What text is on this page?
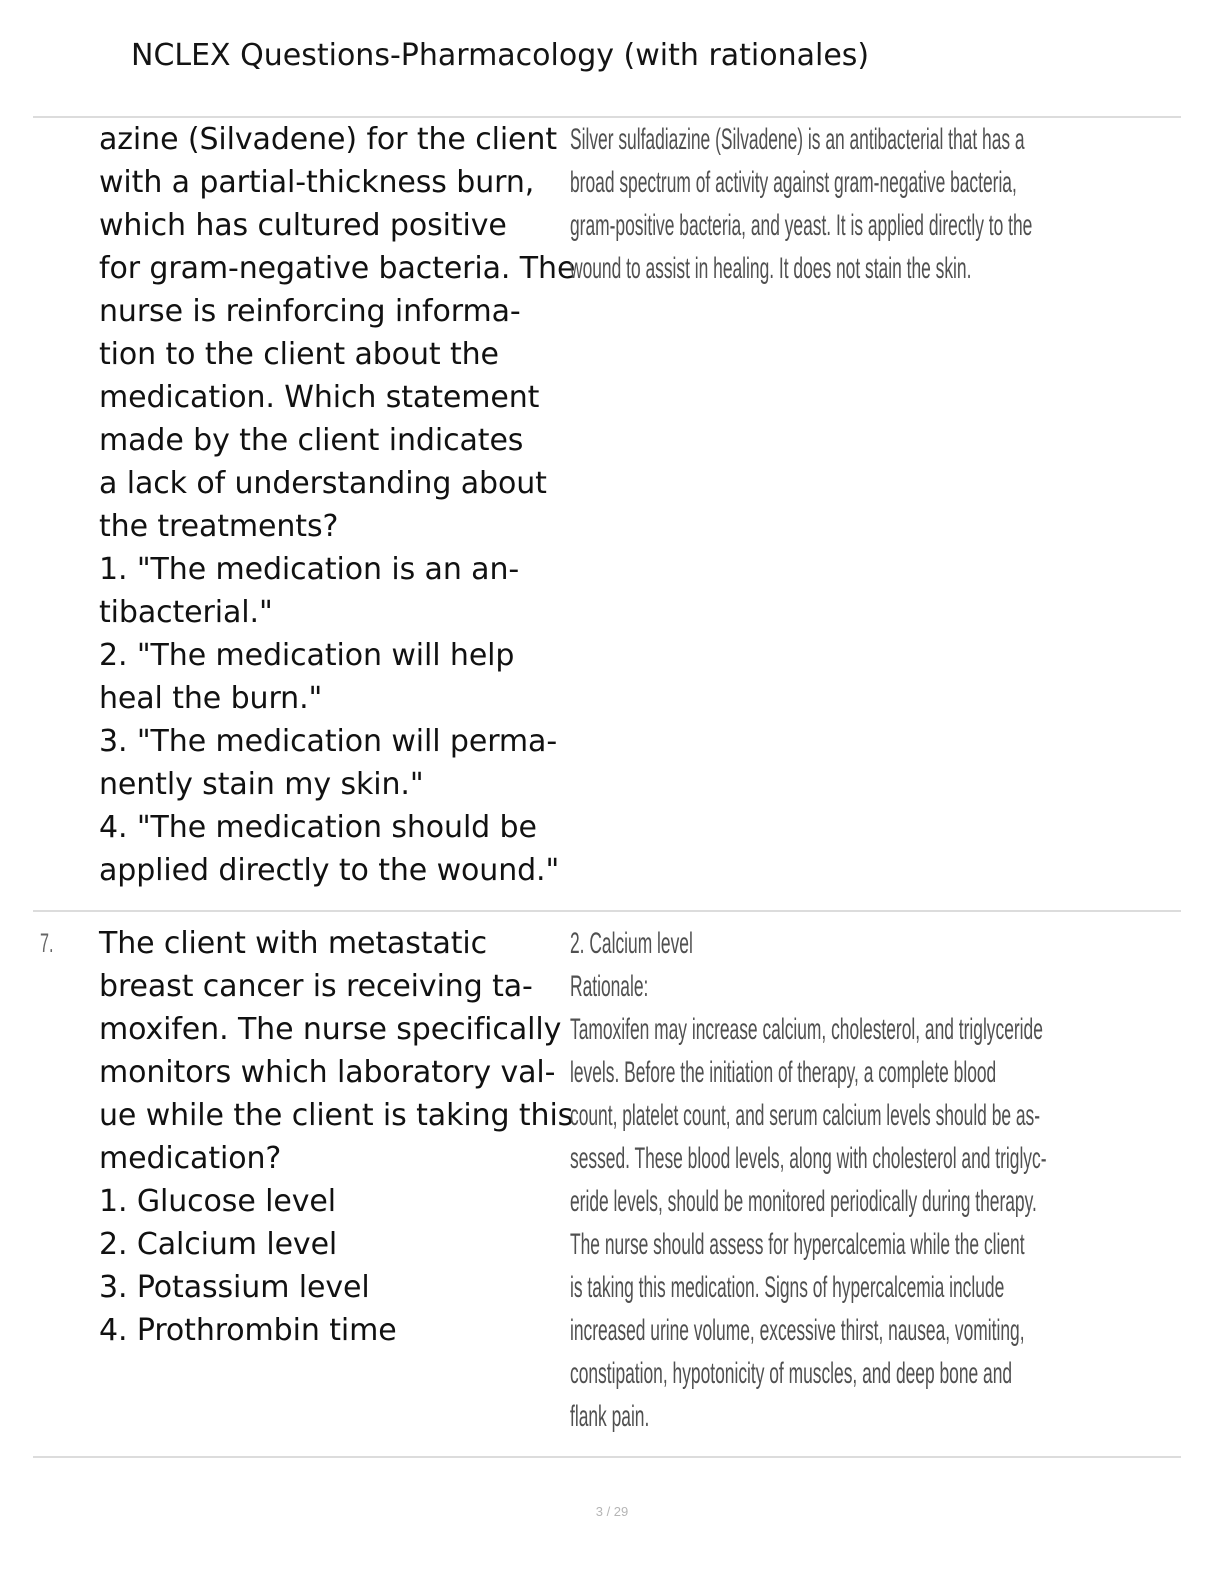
NCLEX Questions-Pharmacology (with rationales)
azine (Silvadene) for the client
with a partial-thickness burn,
which has cultured positive
for gram-negative bacteria. The
nurse is reinforcing informa-
tion to the client about the
medication. Which statement
made by the client indicates
a lack of understanding about
the treatments?
1. "The medication is an an-
tibacterial."
2. "The medication will help
heal the burn."
3. "The medication will perma-
nently stain my skin."
4. "The medication should be
applied directly to the wound."
Silver sulfadiazine (Silvadene) is an antibacterial that has a
broad spectrum of activity against gram-negative bacteria,
gram-positive bacteria, and yeast. It is applied directly to the
wound to assist in healing. It does not stain the skin.
7. The client with metastatic
breast cancer is receiving ta-
moxifen. The nurse specifically
monitors which laboratory val-
ue while the client is taking this
medication?
1. Glucose level
2. Calcium level
3. Potassium level
4. Prothrombin time
2. Calcium level
Rationale:
Tamoxifen may increase calcium, cholesterol, and triglyceride
levels. Before the initiation of therapy, a complete blood
count, platelet count, and serum calcium levels should be as-
sessed. These blood levels, along with cholesterol and triglyc-
eride levels, should be monitored periodically during therapy.
The nurse should assess for hypercalcemia while the client
is taking this medication. Signs of hypercalcemia include
increased urine volume, excessive thirst, nausea, vomiting,
constipation, hypotonicity of muscles, and deep bone and
flank pain.
3 / 29
